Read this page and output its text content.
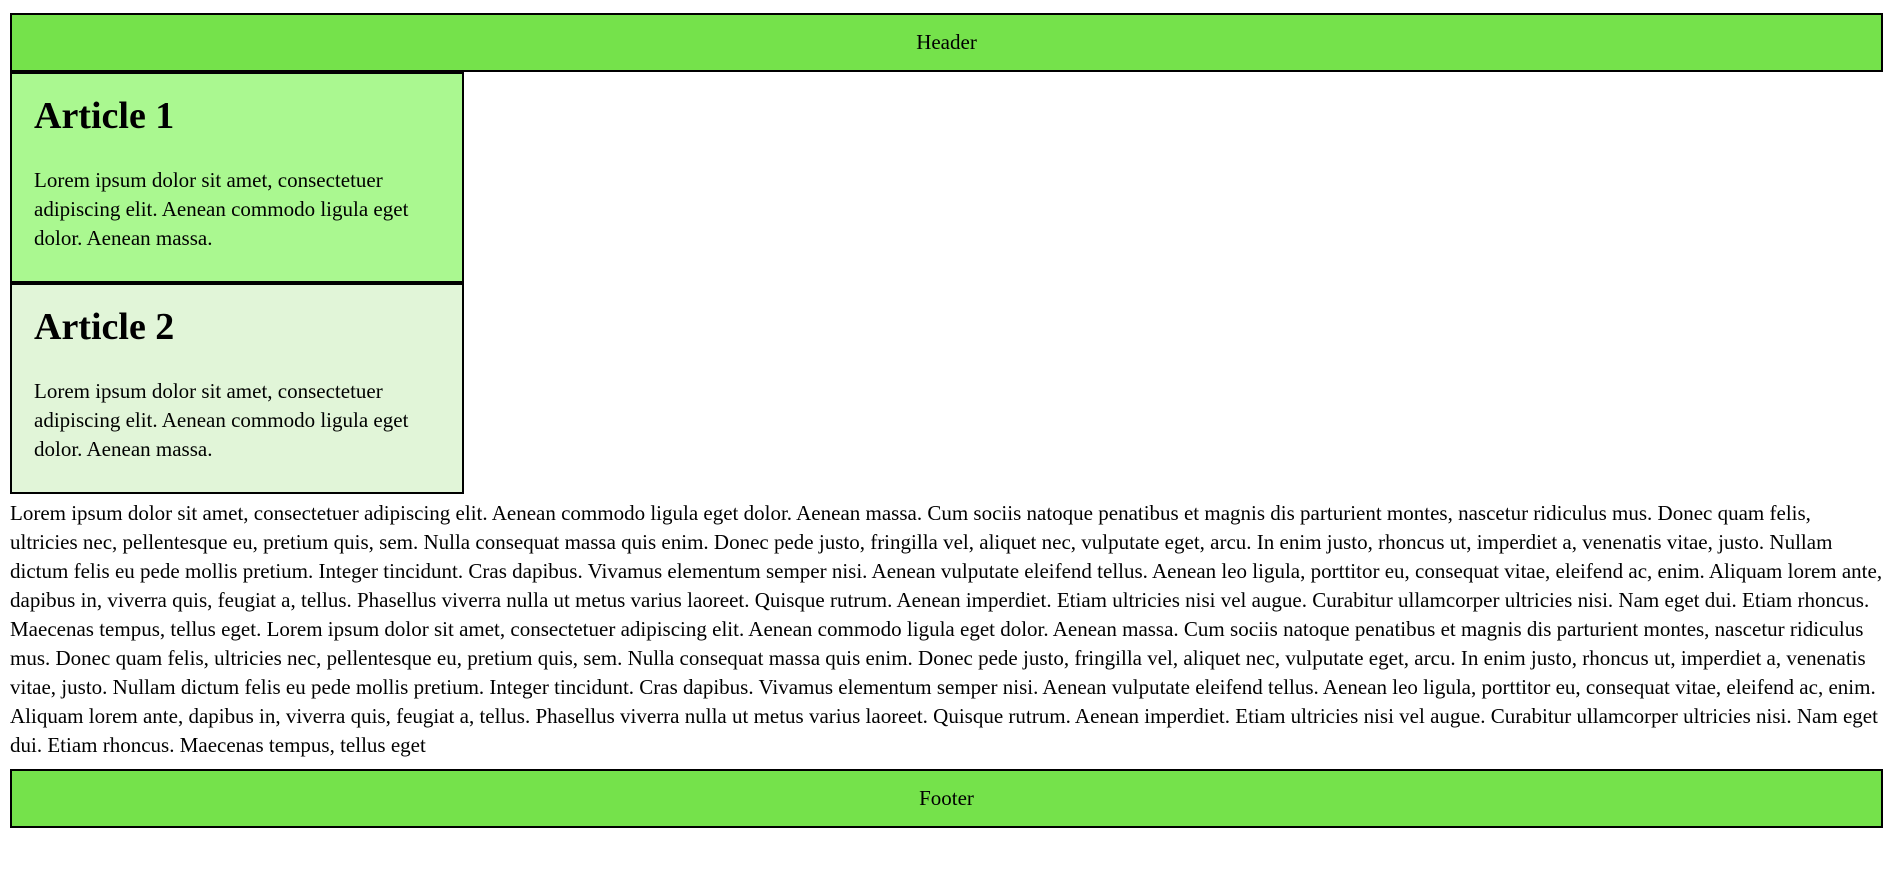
Header
Article 1

Lorem ipsum dolor sit amet, consectetuer adipiscing elit. Aenean commodo ligula eget dolor. Aenean massa.

Article 2

Lorem ipsum dolor sit amet, consectetuer adipiscing elit. Aenean commodo ligula eget dolor. Aenean massa.

Lorem ipsum dolor sit amet, consectetuer adipiscing elit. Aenean commodo ligula eget dolor. Aenean massa. Cum sociis natoque penatibus et magnis dis parturient montes, nascetur ridiculus mus. Donec quam felis, ultricies nec, pellentesque eu, pretium quis, sem. Nulla consequat massa quis enim. Donec pede justo, fringilla vel, aliquet nec, vulputate eget, arcu. In enim justo, rhoncus ut, imperdiet a, venenatis vitae, justo. Nullam dictum felis eu pede mollis pretium. Integer tincidunt. Cras dapibus. Vivamus elementum semper nisi. Aenean vulputate eleifend tellus. Aenean leo ligula, porttitor eu, consequat vitae, eleifend ac, enim. Aliquam lorem ante, dapibus in, viverra quis, feugiat a, tellus. Phasellus viverra nulla ut metus varius laoreet. Quisque rutrum. Aenean imperdiet. Etiam ultricies nisi vel augue. Curabitur ullamcorper ultricies nisi. Nam eget dui. Etiam rhoncus. Maecenas tempus, tellus eget. Lorem ipsum dolor sit amet, consectetuer adipiscing elit. Aenean commodo ligula eget dolor. Aenean massa. Cum sociis natoque penatibus et magnis dis parturient montes, nascetur ridiculus mus. Donec quam felis, ultricies nec, pellentesque eu, pretium quis, sem. Nulla consequat massa quis enim. Donec pede justo, fringilla vel, aliquet nec, vulputate eget, arcu. In enim justo, rhoncus ut, imperdiet a, venenatis vitae, justo. Nullam dictum felis eu pede mollis pretium. Integer tincidunt. Cras dapibus. Vivamus elementum semper nisi. Aenean vulputate eleifend tellus. Aenean leo ligula, porttitor eu, consequat vitae, eleifend ac, enim. Aliquam lorem ante, dapibus in, viverra quis, feugiat a, tellus. Phasellus viverra nulla ut metus varius laoreet. Quisque rutrum. Aenean imperdiet. Etiam ultricies nisi vel augue. Curabitur ullamcorper ultricies nisi. Nam eget dui. Etiam rhoncus. Maecenas tempus, tellus eget

Footer
